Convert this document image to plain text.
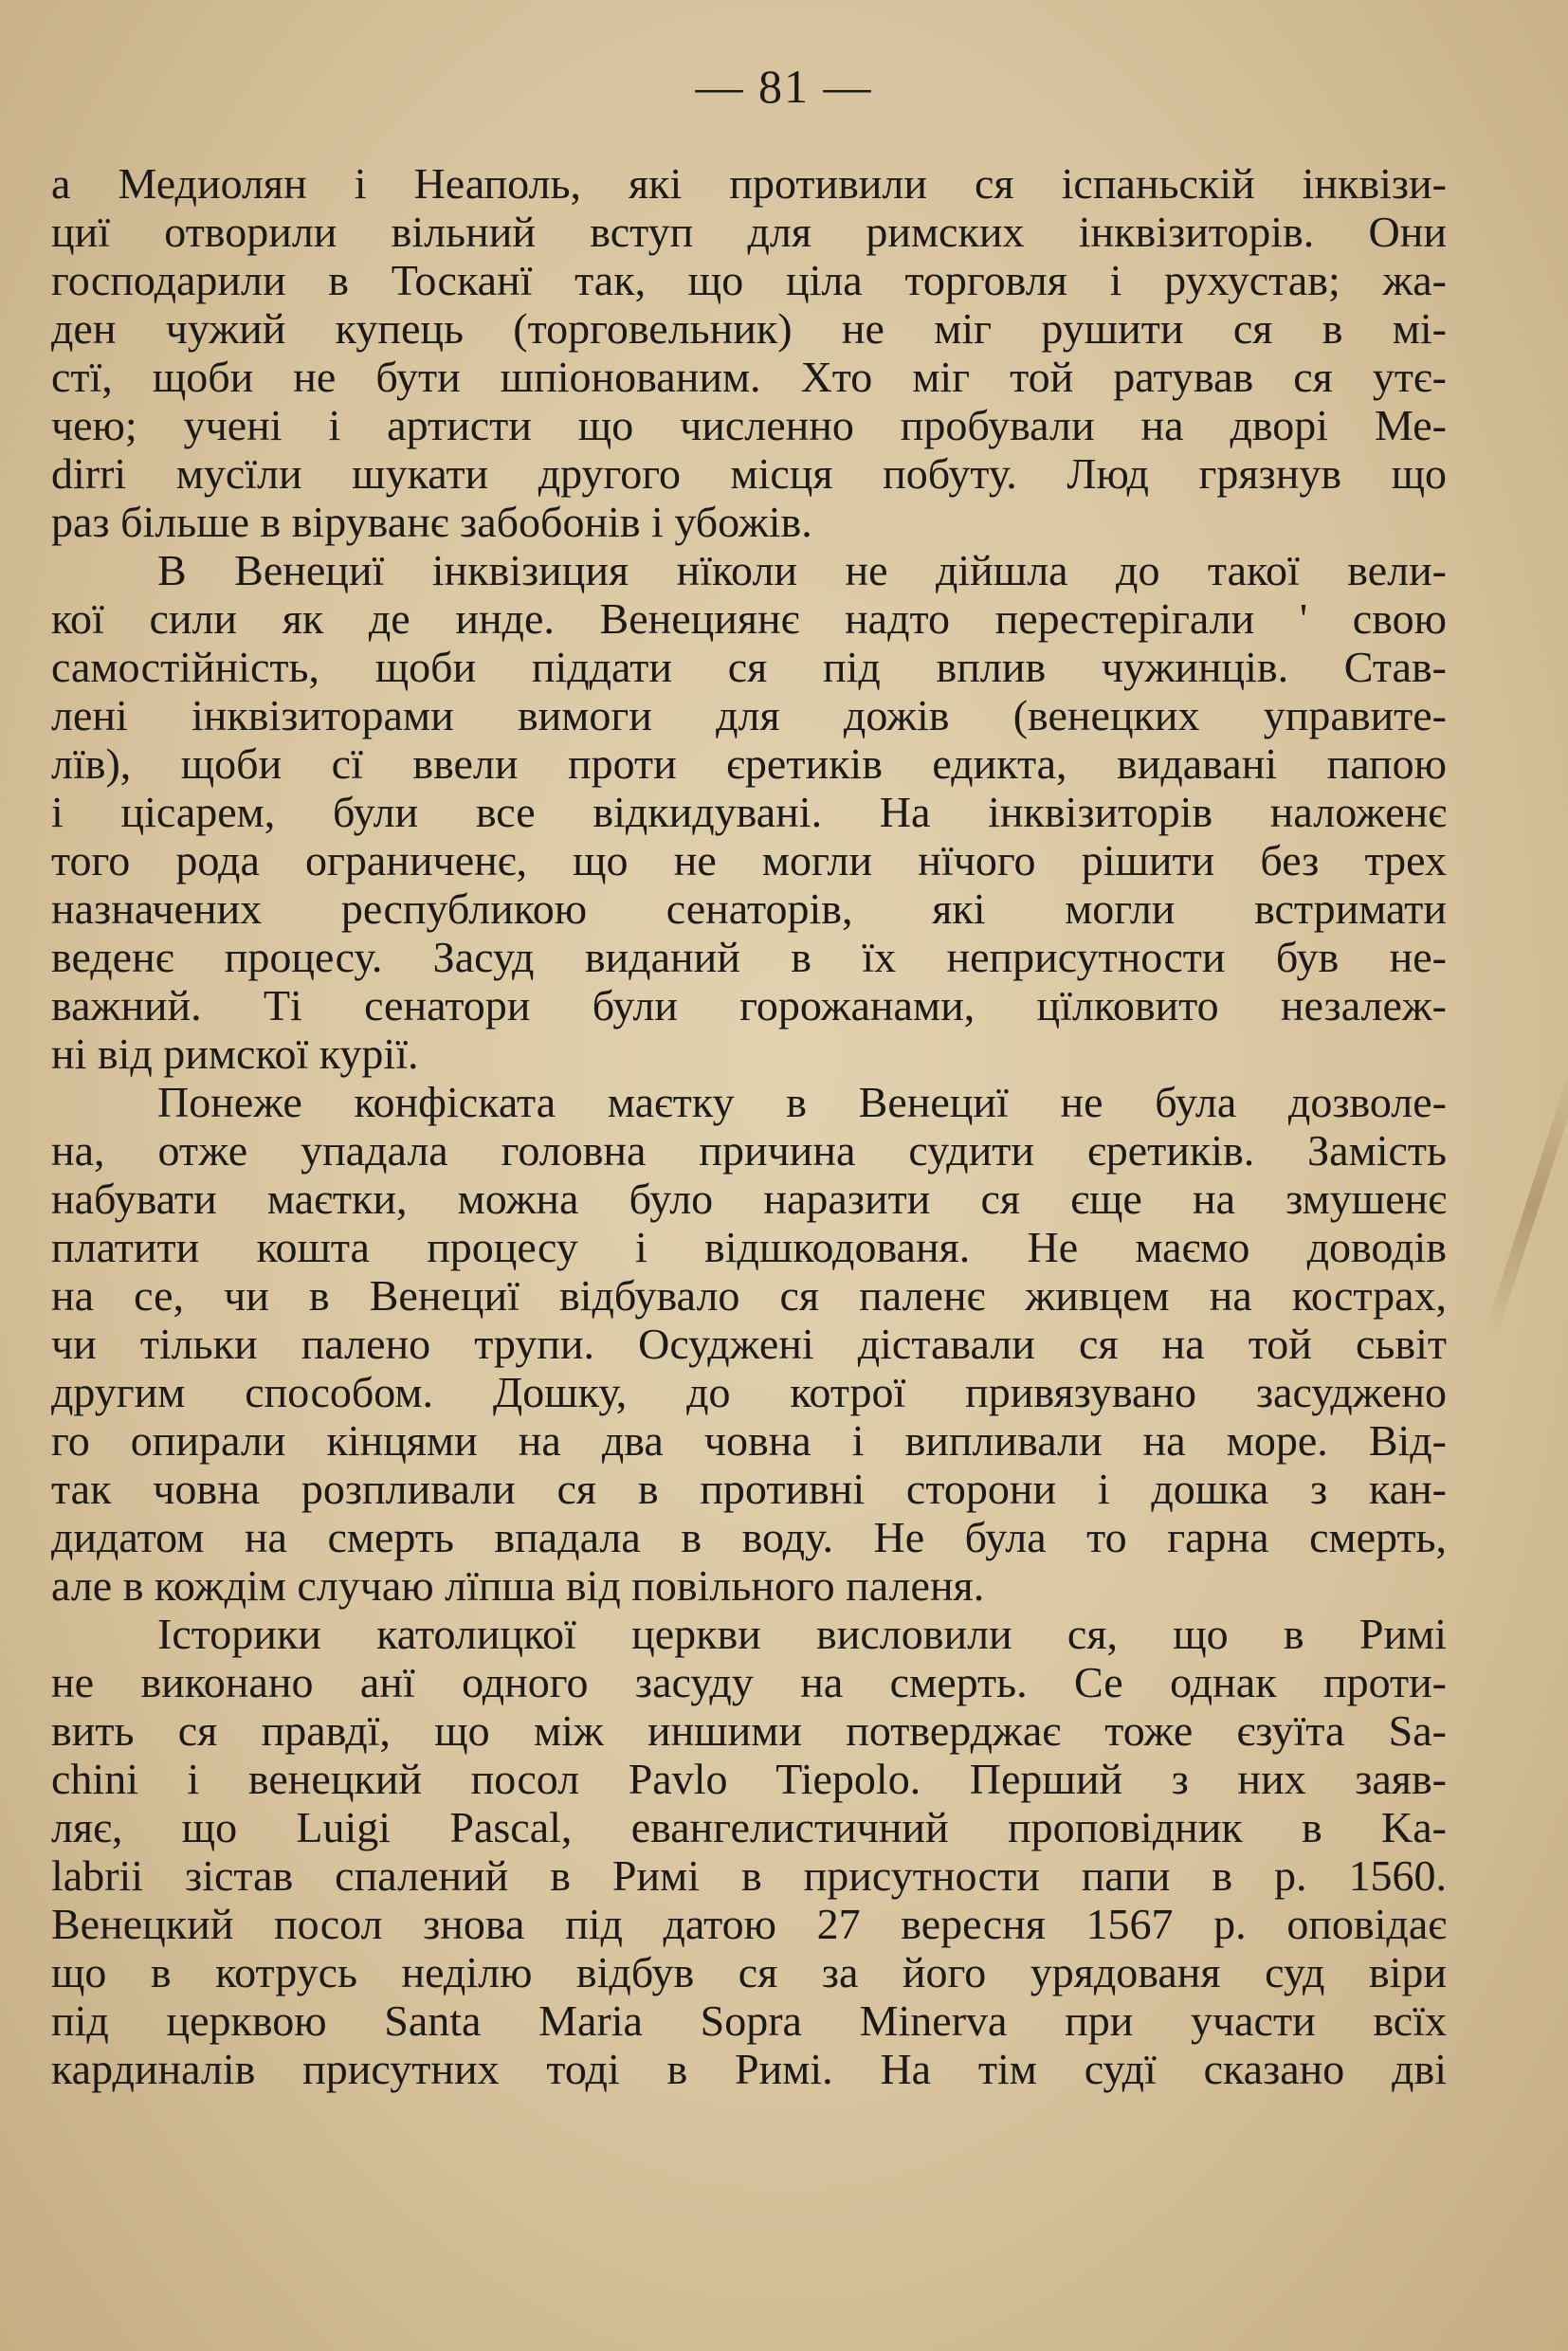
— 81 —

а Медиолян і Неаполь, які противили ся іспаньскій інквізи-
циї отворили вільний вступ для римских інквізиторів. Они
господарили в Тосканї так, що ціла торговля і рухустав; жа-
ден чужий купець (торговельник) не міг рушити ся в мі-
стї, щоби не бути шпіонованим. Хто міг той ратував ся утє-
чею; учені і артисти що численно пробували на дворі Ме-
dirri мусїли шукати другого місця побуту. Люд грязнув що
раз більше в віруванє забобонів і убожів.

В Венециї інквізиция нїколи не дійшла до такої вели-
кої сили як де инде. Венециянє надто перестерігали ' свою
самостійність, щоби піддати ся під вплив чужинців. Став-
лені інквізиторами вимоги для дожів (венецких управите-
лїв), щоби сї ввели проти єретиків едикта, видавані папою
і цісарем, були все відкидувані. На інквізиторів наложенє
того рода ограниченє, що не могли нїчого рішити без трех
назначених республикою сенаторів, які могли встримати
веденє процесу. Засуд виданий в їх неприсутности був не-
важний. Ті сенатори були горожанами, цїлковито незалеж-
ні від римскої курії.

Понеже конфіската маєтку в Венециї не була дозволе-
на, отже упадала головна причина судити єретиків. Замість
набувати маєтки, можна було наразити ся єще на змушенє
платити кошта процесу і відшкодованя. Не маємо доводів
на се, чи в Венециї відбувало ся паленє живцем на кострах,
чи тільки палено трупи. Осуджені діставали ся на той сьвіт
другим способом. Дошку, до котрої привязувано засуджено
го опирали кінцями на два човна і випливали на море. Від-
так човна розпливали ся в противні сторони і дошка з кан-
дидатом на смерть впадала в воду. Не була то гарна смерть,
але в кождім случаю лїпша від повільного паленя.

Історики католицкої церкви висловили ся, що в Римі
не виконано анї одного засуду на смерть. Се однак проти-
вить ся правдї, що між иншими потверджає тоже єзуїта Sa-
chini і венецкий посол Pavlo Tiepolo. Перший з них заяв-
ляє, що Luigi Pascal, евангелистичний проповідник в Ka-
labrii зістав спалений в Римі в присутности папи в р. 1560.
Венецкий посол знова під датою 27 вересня 1567 р. оповідає
що в котрусь неділю відбув ся за його урядованя суд віри
під церквою Santa Maria Sopra Minerva при участи всїх
кардиналів присутних тоді в Римі. На тім судї сказано дві
